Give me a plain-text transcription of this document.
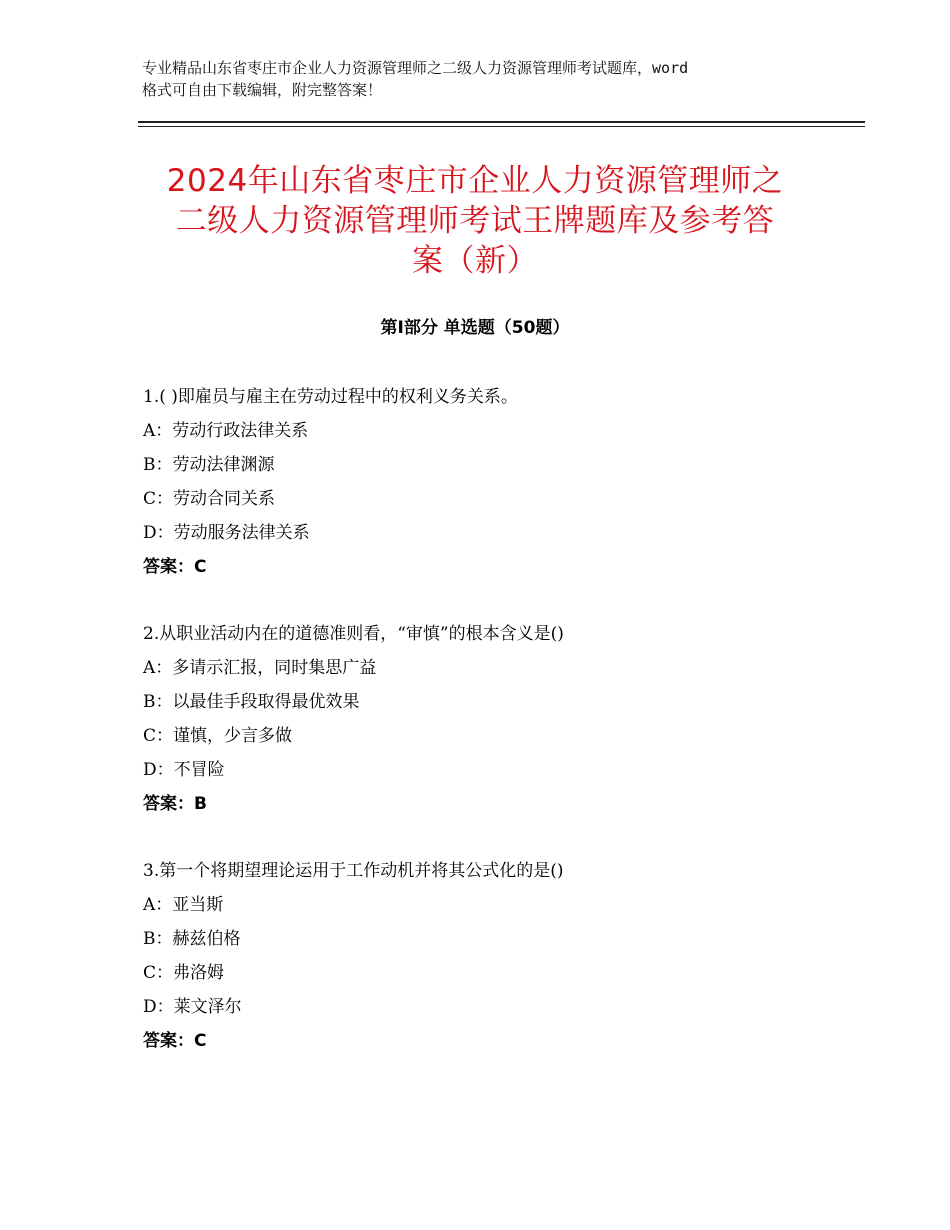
专业精品山东省枣庄市企业人力资源管理师之二级人力资源管理师考试题库，word
格式可自由下载编辑，附完整答案！
2024年山东省枣庄市企业人力资源管理师之
二级人力资源管理师考试王牌题库及参考答
案（新）
第Ⅰ部分 单选题（50题）
1.( )即雇员与雇主在劳动过程中的权利义务关系。
A：劳动行政法律关系
B：劳动法律渊源
C：劳动合同关系
D：劳动服务法律关系
答案：C
2.从职业活动内在的道德准则看，“审慎”的根本含义是()
A：多请示汇报，同时集思广益
B：以最佳手段取得最优效果
C：谨慎，少言多做
D：不冒险
答案：B
3.第一个将期望理论运用于工作动机并将其公式化的是()
A：亚当斯
B：赫兹伯格
C：弗洛姆
D：莱文泽尔
答案：C
